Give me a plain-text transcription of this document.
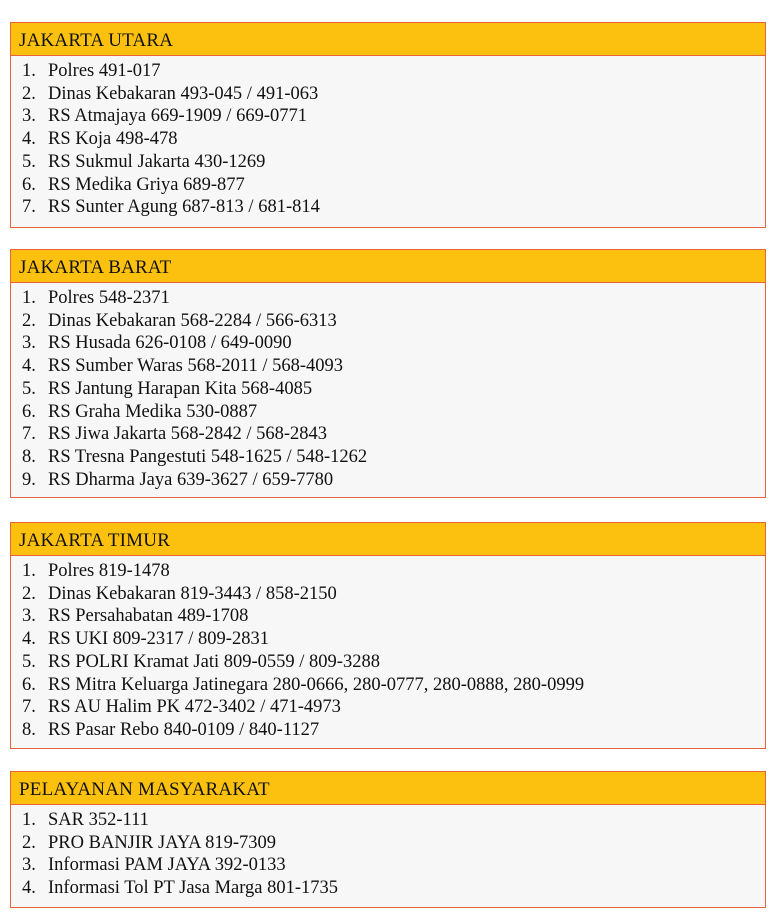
JAKARTA UTARA
1. Polres 491-017
2. Dinas Kebakaran 493-045 / 491-063
3. RS Atmajaya 669-1909 / 669-0771
4. RS Koja 498-478
5. RS Sukmul Jakarta 430-1269
6. RS Medika Griya 689-877
7. RS Sunter Agung 687-813 / 681-814
JAKARTA BARAT
1. Polres 548-2371
2. Dinas Kebakaran 568-2284 / 566-6313
3. RS Husada 626-0108 / 649-0090
4. RS Sumber Waras 568-2011 / 568-4093
5. RS Jantung Harapan Kita 568-4085
6. RS Graha Medika 530-0887
7. RS Jiwa Jakarta 568-2842 / 568-2843
8. RS Tresna Pangestuti 548-1625 / 548-1262
9. RS Dharma Jaya 639-3627 / 659-7780
JAKARTA TIMUR
1. Polres 819-1478
2. Dinas Kebakaran 819-3443 / 858-2150
3. RS Persahabatan 489-1708
4. RS UKI 809-2317 / 809-2831
5. RS POLRI Kramat Jati 809-0559 / 809-3288
6. RS Mitra Keluarga Jatinegara 280-0666, 280-0777, 280-0888, 280-0999
7. RS AU Halim PK 472-3402 / 471-4973
8. RS Pasar Rebo 840-0109 / 840-1127
PELAYANAN MASYARAKAT
1. SAR 352-111
2. PRO BANJIR JAYA 819-7309
3. Informasi PAM JAYA 392-0133
4. Informasi Tol PT Jasa Marga 801-1735
